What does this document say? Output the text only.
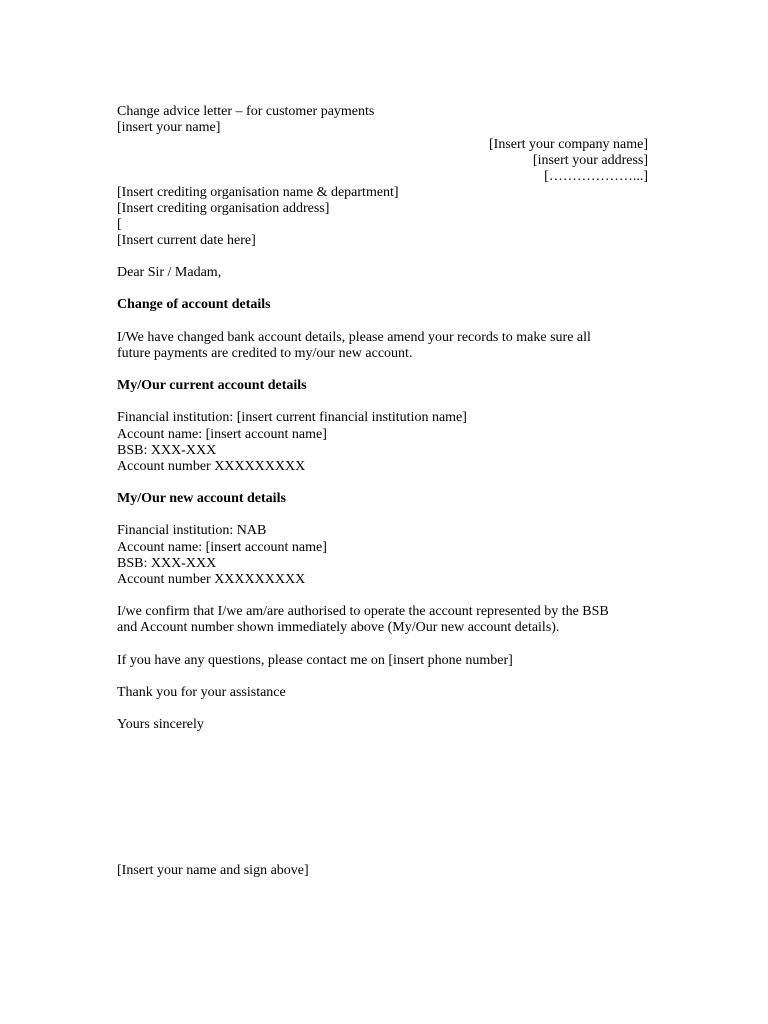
Change advice letter – for customer payments
[insert your name]
[Insert your company name]
[insert your address]
[………………...]
[Insert crediting organisation name & department]
[Insert crediting organisation address]
[
[Insert current date here]
Dear Sir / Madam,
Change of account details
I/We have changed bank account details, please amend your records to make sure all
future payments are credited to my/our new account.
My/Our current account details
Financial institution: [insert current financial institution name]
Account name: [insert account name]
BSB: XXX-XXX
Account number XXXXXXXXX
My/Our new account details
Financial institution: NAB
Account name: [insert account name]
BSB: XXX-XXX
Account number XXXXXXXXX
I/we confirm that I/we am/are authorised to operate the account represented by the BSB
and Account number shown immediately above (My/Our new account details).
If you have any questions, please contact me on [insert phone number]
Thank you for your assistance
Yours sincerely
[Insert your name and sign above]
